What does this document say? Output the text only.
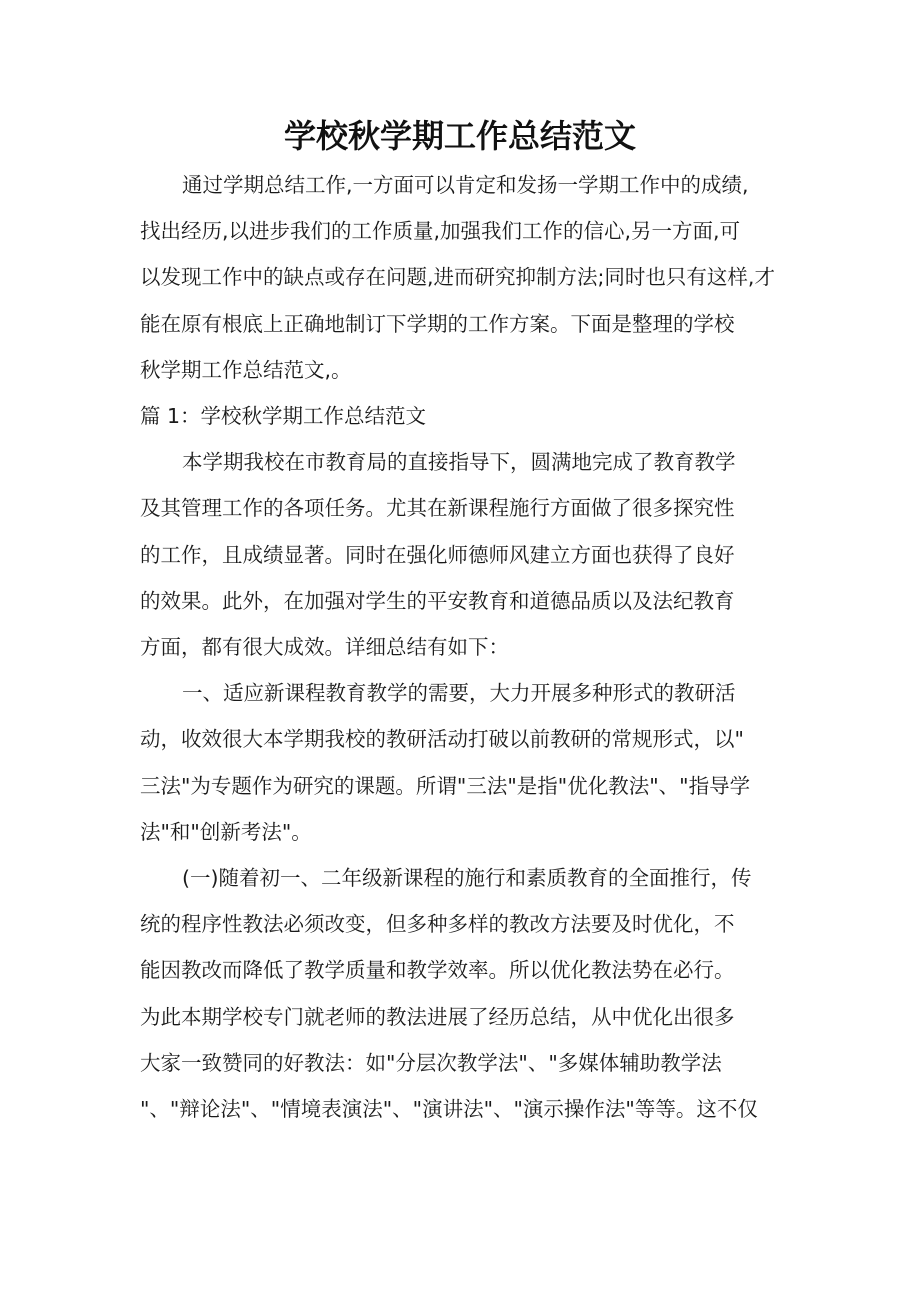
学校秋学期工作总结范文
通过学期总结工作,一方面可以肯定和发扬一学期工作中的成绩,
找出经历,以进步我们的工作质量,加强我们工作的信心,另一方面,可
以发现工作中的缺点或存在问题,进而研究抑制方法;同时也只有这样,才
能在原有根底上正确地制订下学期的工作方案。下面是整理的学校
秋学期工作总结范文,。
篇 1：学校秋学期工作总结范文
本学期我校在市教育局的直接指导下，圆满地完成了教育教学
及其管理工作的各项任务。尤其在新课程施行方面做了很多探究性
的工作，且成绩显著。同时在强化师德师风建立方面也获得了良好
的效果。此外，在加强对学生的平安教育和道德品质以及法纪教育
方面，都有很大成效。详细总结有如下：
一、适应新课程教育教学的需要，大力开展多种形式的教研活
动，收效很大本学期我校的教研活动打破以前教研的常规形式，以"
三法"为专题作为研究的课题。所谓"三法"是指"优化教法"、"指导学
法"和"创新考法"。
(一)随着初一、二年级新课程的施行和素质教育的全面推行，传
统的程序性教法必须改变，但多种多样的教改方法要及时优化，不
能因教改而降低了教学质量和教学效率。所以优化教法势在必行。
为此本期学校专门就老师的教法进展了经历总结，从中优化出很多
大家一致赞同的好教法：如"分层次教学法"、"多媒体辅助教学法
"、"辩论法"、"情境表演法"、"演讲法"、"演示操作法"等等。这不仅
